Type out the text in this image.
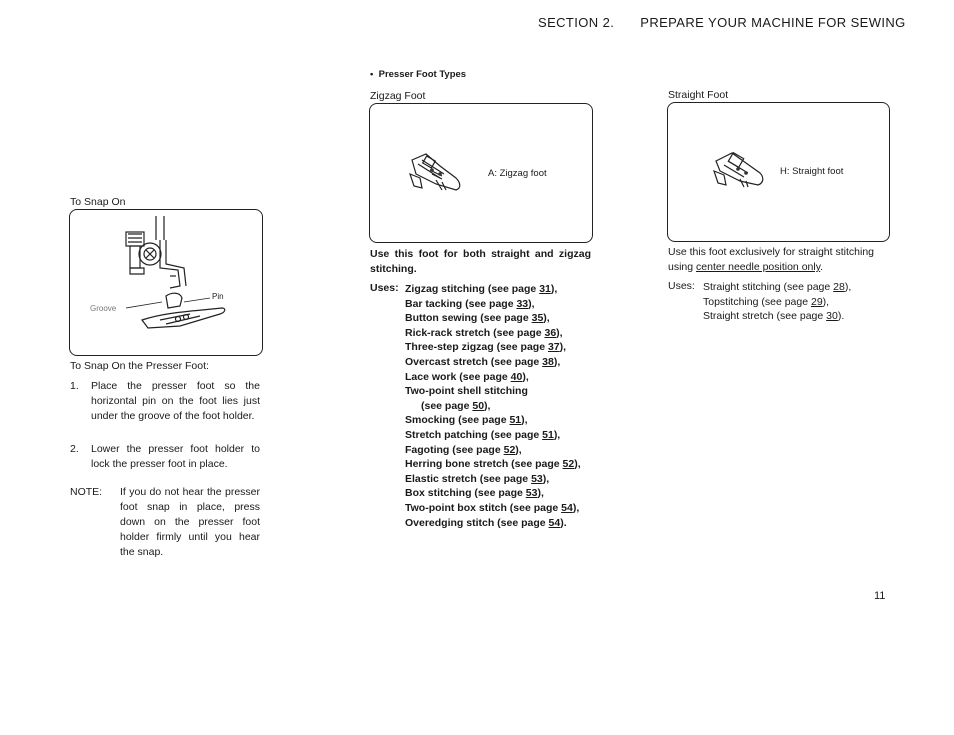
SECTION 2. PREPARE YOUR MACHINE FOR SEWING
To Snap On
Pin
Groove
To Snap On the Presser Foot:
1. Place the presser foot so the horizontal pin on the foot lies just under the groove of the foot holder.
2. Lower the presser foot holder to lock the presser foot in place.
NOTE: If you do not hear the presser foot snap in place, press down on the presser foot holder firmly until you hear the snap.
• Presser Foot Types
Zigzag Foot
A: Zigzag foot
Use this foot for both straight and zigzag stitching.
Uses: Zigzag stitching (see page 31),
Bar tacking (see page 33),
Button sewing (see page 35),
Rick-rack stretch (see page 36),
Three-step zigzag (see page 37),
Overcast stretch (see page 38),
Lace work (see page 40),
Two-point shell stitching
(see page 50),
Smocking (see page 51),
Stretch patching (see page 51),
Fagoting (see page 52),
Herring bone stretch (see page 52),
Elastic stretch (see page 53),
Box stitching (see page 53),
Two-point box stitch (see page 54),
Overedging stitch (see page 54).
Straight Foot
H: Straight foot
Use this foot exclusively for straight stitching using center needle position only.
Uses: Straight stitching (see page 28),
Topstitching (see page 29),
Straight stretch (see page 30).
11
